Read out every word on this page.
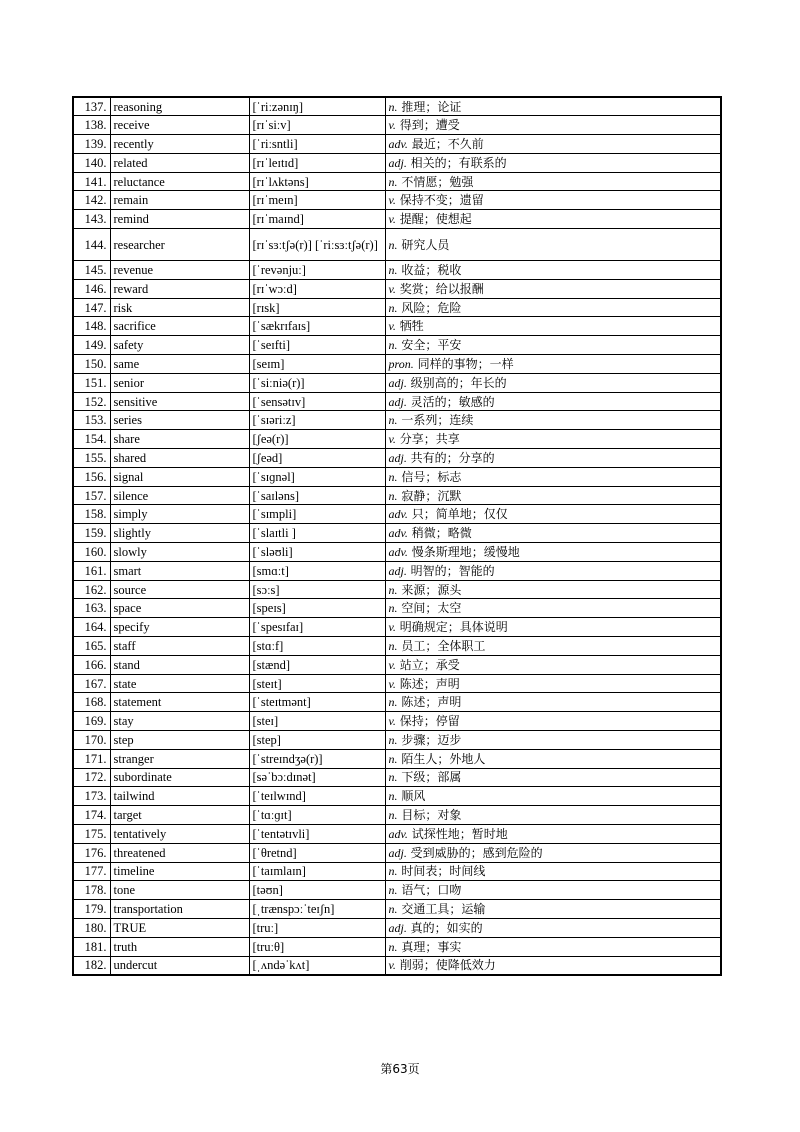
137.	reasoning	[ˈriːzənɪŋ]	n. 推理；论证
138.	receive	[rɪˈsiːv]	v. 得到；遭受
139.	recently	[ˈriːsntli]	adv. 最近；不久前
140.	related	[rɪˈleɪtɪd]	adj. 相关的；有联系的
141.	reluctance	[rɪˈlʌktəns]	n. 不情愿；勉强
142.	remain	[rɪˈmeɪn]	v. 保持不变；遗留
143.	remind	[rɪˈmaɪnd]	v. 提醒；使想起
144.	researcher	[rɪˈsɜːtʃə(r)] [ˈriːsɜːtʃə(r)]	n. 研究人员
145.	revenue	[ˈrevənjuː]	n. 收益；税收
146.	reward	[rɪˈwɔːd]	v. 奖赏；给以报酬
147.	risk	[rɪsk]	n. 风险；危险
148.	sacrifice	[ˈsækrɪfaɪs]	v. 牺牲
149.	safety	[ˈseɪfti]	n. 安全；平安
150.	same	[seɪm]	pron. 同样的事物；一样
151.	senior	[ˈsiːniə(r)]	adj. 级别高的；年长的
152.	sensitive	[ˈsensətɪv]	adj. 灵活的；敏感的
153.	series	[ˈsɪəriːz]	n. 一系列；连续
154.	share	[ʃeə(r)]	v. 分享；共享
155.	shared	[ʃeəd]	adj. 共有的；分享的
156.	signal	[ˈsɪɡnəl]	n. 信号；标志
157.	silence	[ˈsaɪləns]	n. 寂静；沉默
158.	simply	[ˈsɪmpli]	adv. 只；简单地；仅仅
159.	slightly	[ˈslaɪtli ]	adv. 稍微；略微
160.	slowly	[ˈsləʊli]	adv. 慢条斯理地；缓慢地
161.	smart	[smɑːt]	adj. 明智的；智能的
162.	source	[sɔːs]	n. 来源；源头
163.	space	[speɪs]	n. 空间；太空
164.	specify	[ˈspesɪfaɪ]	v. 明确规定；具体说明
165.	staff	[stɑːf]	n. 员工；全体职工
166.	stand	[stænd]	v. 站立；承受
167.	state	[steɪt]	v. 陈述；声明
168.	statement	[ˈsteɪtmənt]	n. 陈述；声明
169.	stay	[steɪ]	v. 保持；停留
170.	step	[step]	n. 步骤；迈步
171.	stranger	[ˈstreɪndʒə(r)]	n. 陌生人；外地人
172.	subordinate	[səˈbɔːdɪnət]	n. 下级；部属
173.	tailwind	[ˈteɪlwɪnd]	n. 顺风
174.	target	[ˈtɑːɡɪt]	n. 目标；对象
175.	tentatively	[ˈtentətɪvli]	adv. 试探性地；暂时地
176.	threatened	[ˈθretnd]	adj. 受到威胁的；感到危险的
177.	timeline	[ˈtaɪmlaɪn]	n. 时间表；时间线
178.	tone	[təʊn]	n. 语气；口吻
179.	transportation	[ˌtrænspɔːˈteɪʃn]	n. 交通工具；运输
180.	TRUE	[truː]	adj. 真的；如实的
181.	truth	[truːθ]	n. 真理；事实
182.	undercut	[ˌʌndəˈkʌt]	v. 削弱；使降低效力
第63页
